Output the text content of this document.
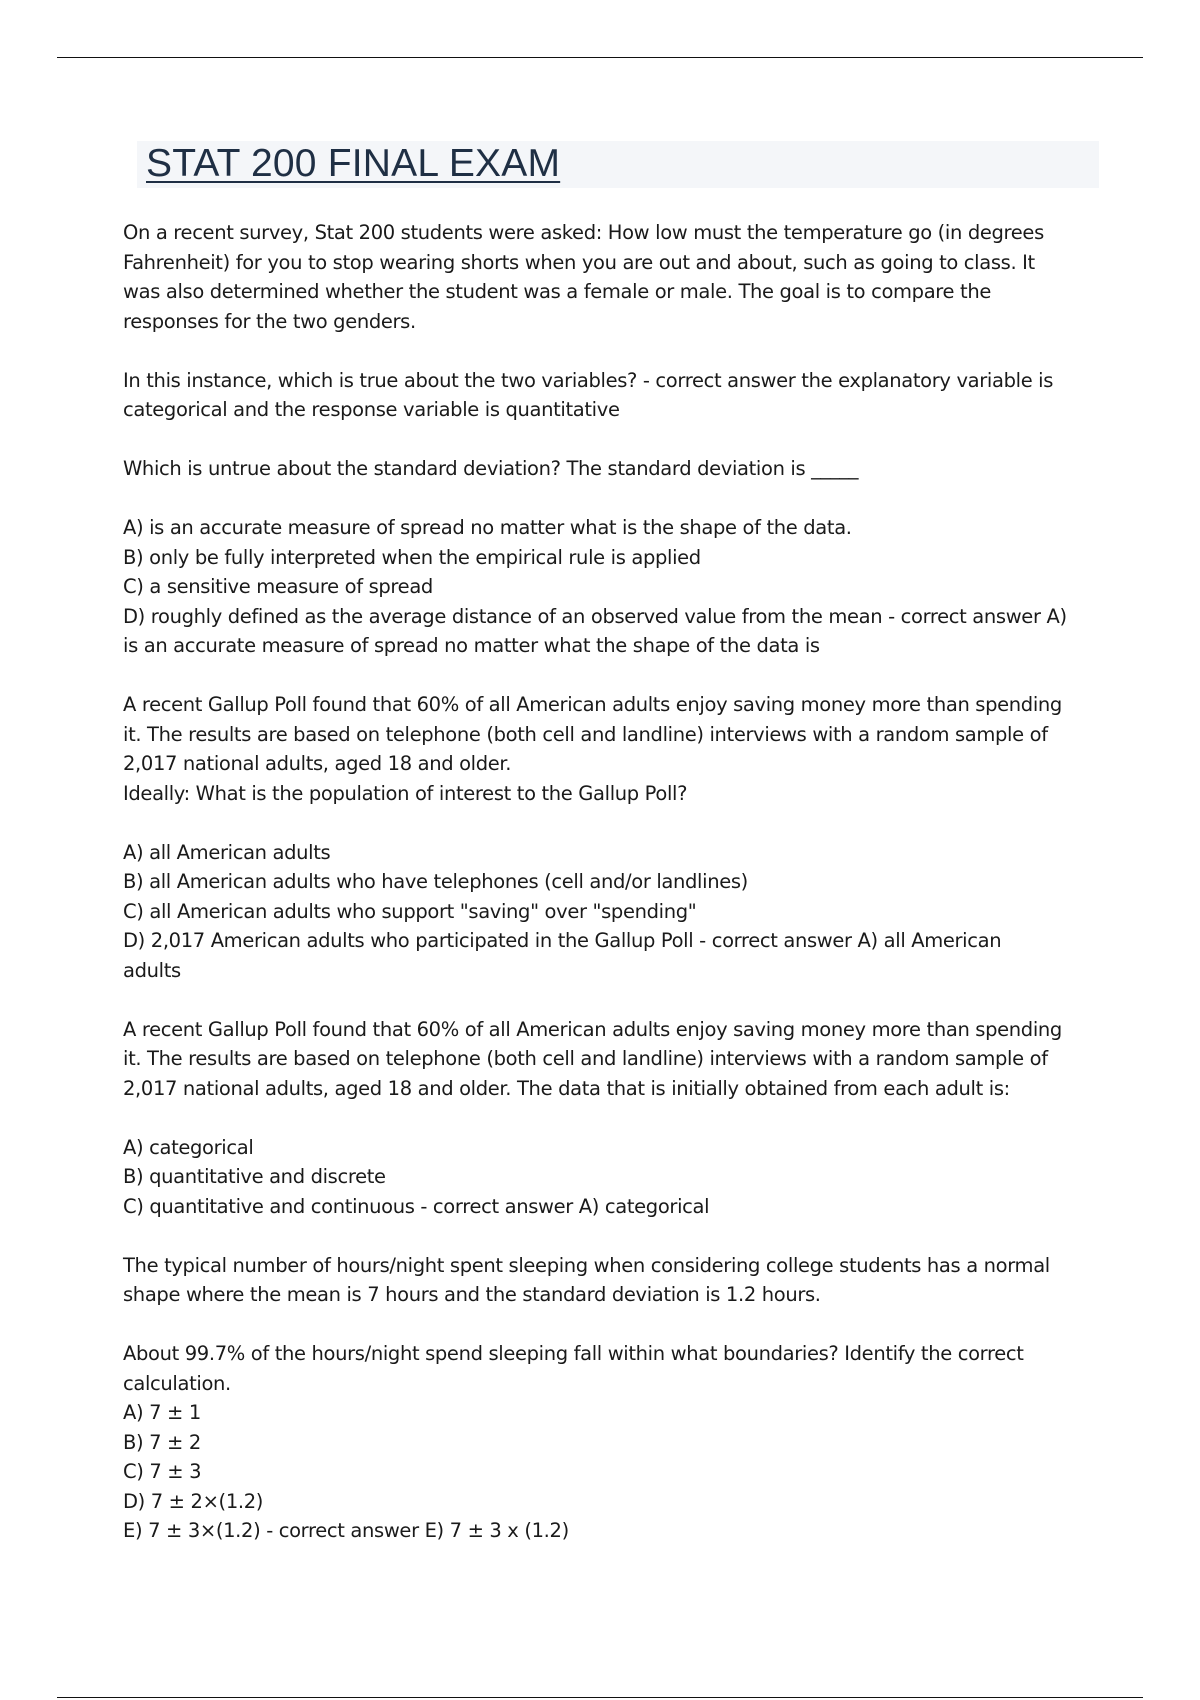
STAT 200 FINAL EXAM
On a recent survey, Stat 200 students were asked: How low must the temperature go (in degrees
Fahrenheit) for you to stop wearing shorts when you are out and about, such as going to class. It
was also determined whether the student was a female or male. The goal is to compare the
responses for the two genders.
In this instance, which is true about the two variables? - correct answer the explanatory variable is
categorical and the response variable is quantitative
Which is untrue about the standard deviation? The standard deviation is _____
A) is an accurate measure of spread no matter what is the shape of the data.
B) only be fully interpreted when the empirical rule is applied
C) a sensitive measure of spread
D) roughly defined as the average distance of an observed value from the mean - correct answer A)
is an accurate measure of spread no matter what the shape of the data is
A recent Gallup Poll found that 60% of all American adults enjoy saving money more than spending
it. The results are based on telephone (both cell and landline) interviews with a random sample of
2,017 national adults, aged 18 and older.
Ideally: What is the population of interest to the Gallup Poll?
A) all American adults
B) all American adults who have telephones (cell and/or landlines)
C) all American adults who support "saving" over "spending"
D) 2,017 American adults who participated in the Gallup Poll - correct answer A) all American
adults
A recent Gallup Poll found that 60% of all American adults enjoy saving money more than spending
it. The results are based on telephone (both cell and landline) interviews with a random sample of
2,017 national adults, aged 18 and older. The data that is initially obtained from each adult is:
A) categorical
B) quantitative and discrete
C) quantitative and continuous - correct answer A) categorical
The typical number of hours/night spent sleeping when considering college students has a normal
shape where the mean is 7 hours and the standard deviation is 1.2 hours.
About 99.7% of the hours/night spend sleeping fall within what boundaries? Identify the correct
calculation.
A) 7 ± 1
B) 7 ± 2
C) 7 ± 3
D) 7 ± 2×(1.2)
E) 7 ± 3×(1.2) - correct answer E) 7 ± 3 x (1.2)
